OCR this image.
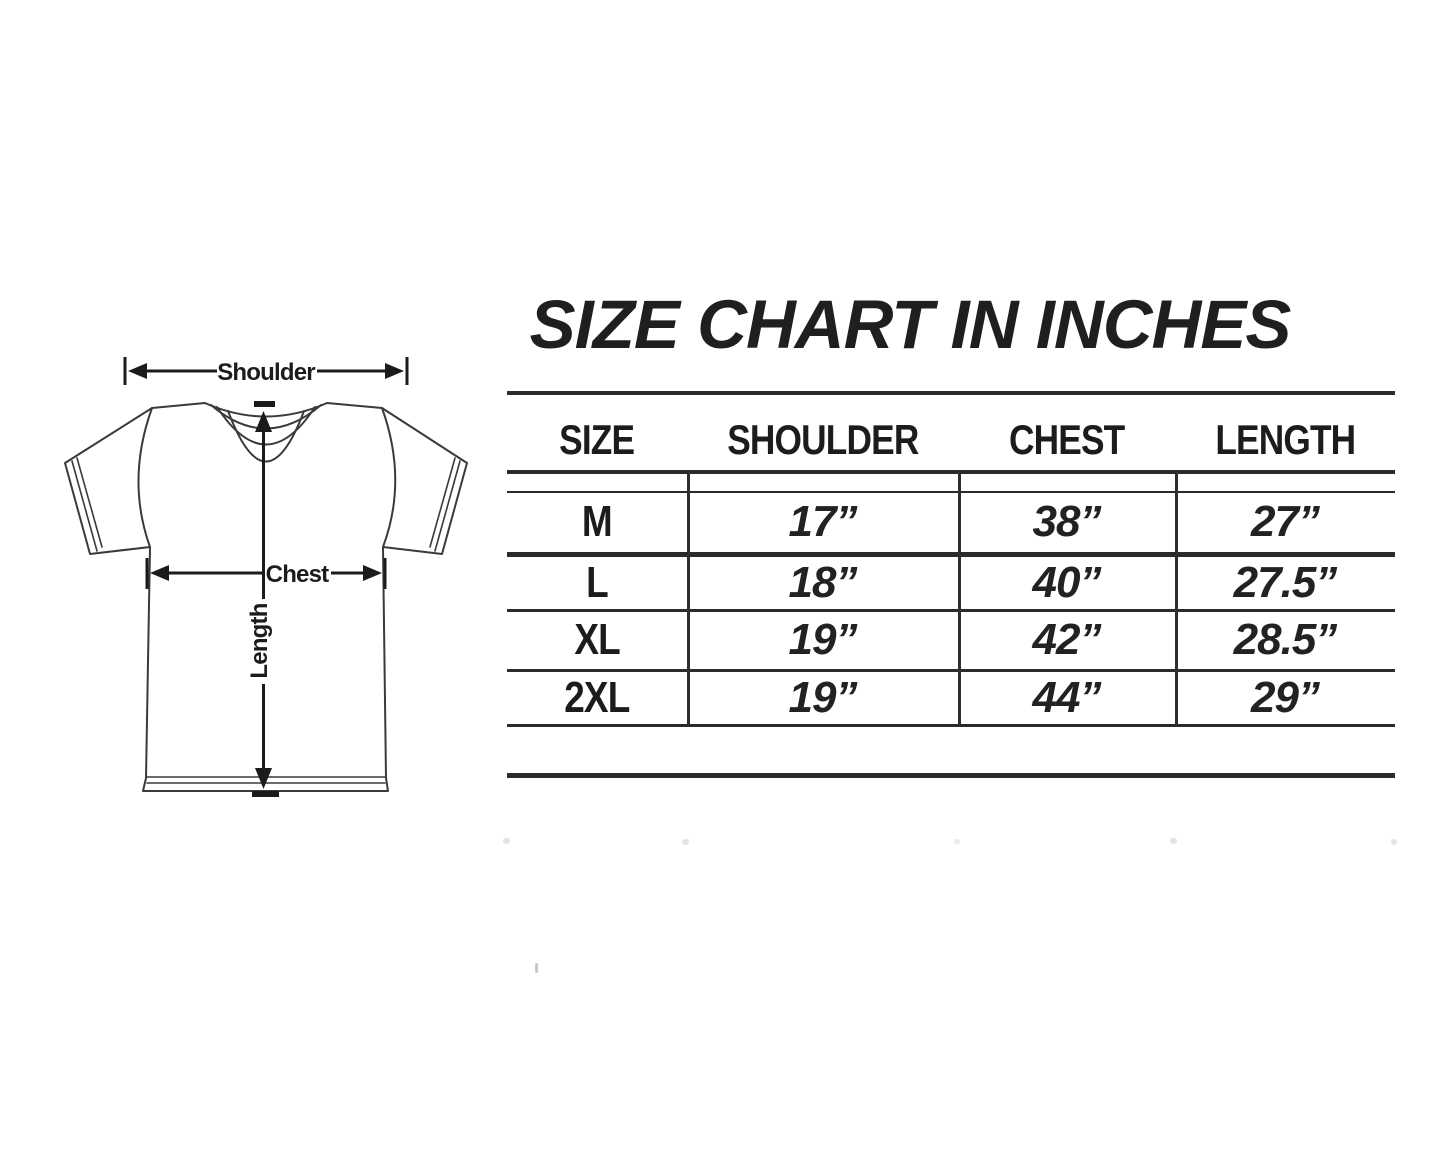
Shoulder
Chest
Length
SIZE CHART IN INCHES
SIZE SHOULDER CHEST LENGTH
M	17”	38”	27”
L	18”	40”	27.5”
XL	19”	42”	28.5”
2XL	19”	44”	29”
